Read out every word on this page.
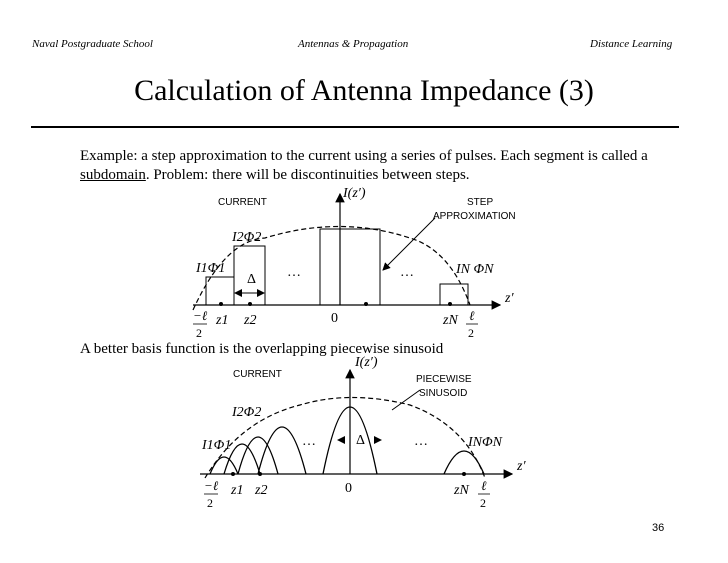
Naval Postgraduate School	Antennas & Propagation	Distance Learning
Calculation of Antenna Impedance (3)
Example: a step approximation to the current using a series of pulses. Each segment is called a subdomain. Problem: there will be discontinuities between steps.
A better basis function is the overlapping piecewise sinusoid
CURRENT	STEP
APPROXIMATION
I(z′)
z′
I2Φ2
I1Φ1	IN ΦN
Δ …	…
−ℓ
2
z1 z2	0	zN ℓ
2
CURRENT	PIECEWISE
SINUSOID
I(z′)
z′
I2Φ2
I1Φ1	INΦN
Δ
…	…
−ℓ
2
z1 z2	0	zN ℓ
2
36
